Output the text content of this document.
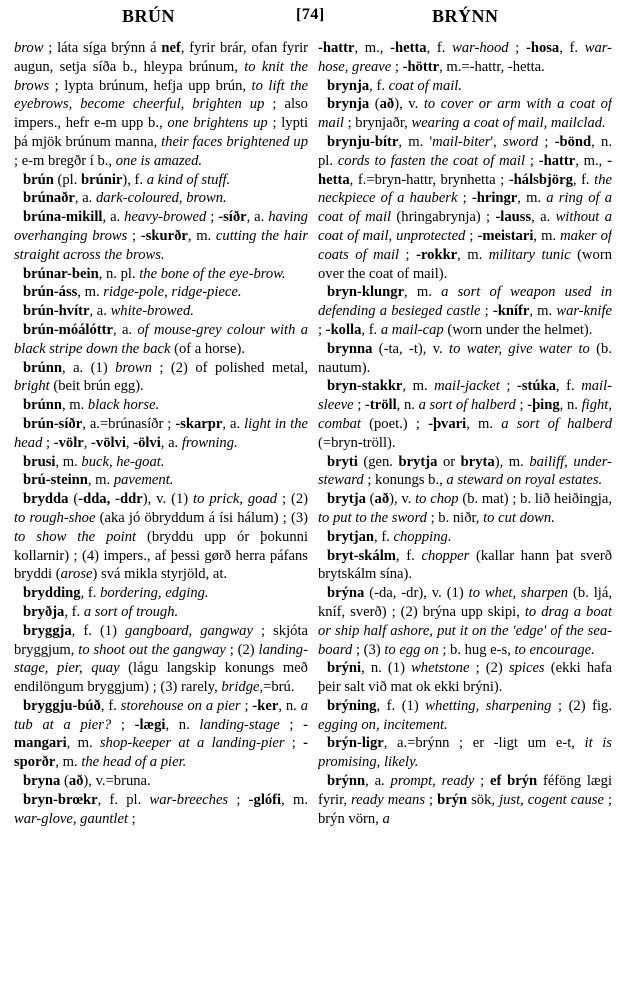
BRÚN	[74]	BRÝNN

brow ; láta síga brýnn á nef, fyrir brár, ofan fyrir augun, setja síða b., hleypa brúnum, to knit the brows ; lypta brúnum, hefja upp brún, to lift the eyebrows, become cheerful, brighten up ; also impers., hefr e-m upp b., one brightens up ; lypti þá mjök brúnum manna, their faces brightened up ; e-m bregðr í b., one is amazed.

brún (pl. brúnir), f. a kind of stuff.

brúnaðr, a. dark-coloured, brown.

brúna-mikill, a. heavy-browed ; -síðr, a. having overhanging brows ; -skurðr, m. cutting the hair straight across the brows.

brúnar-bein, n. pl. the bone of the eye-brow.

brún-áss, m. ridge-pole, ridge-piece.

brún-hvítr, a. white-browed.

brún-móálóttr, a. of mouse-grey colour with a black stripe down the back (of a horse).

brúnn, a. (1) brown ; (2) of polished metal, bright (beit brún egg).

brúnn, m. black horse.

brún-síðr, a.=brúnasíðr ; -skarpr, a. light in the head ; -völr, -völvi, -ölvi, a. frowning.

brusi, m. buck, he-goat.

brú-steinn, m. pavement.

brydda (-dda, -ddr), v. (1) to prick, goad ; (2) to rough-shoe (aka jó öbryddum á ísi hálum) ; (3) to show the point (bryddu upp ór þokunni kollarnir) ; (4) impers., af þessi gørð herra páfans bryddi (arose) svá mikla styrjöld, at.

brydding, f. bordering, edging.

bryðja, f. a sort of trough.

bryggja, f. (1) gangboard, gangway ; skjóta bryggjum, to shoot out the gangway ; (2) landing-stage, pier, quay (lágu langskip konungs með endilöngum bryggjum) ; (3) rarely, bridge,=brú.

bryggju-búð, f. storehouse on a pier ; -ker, n. a tub at a pier? ; -lægi, n. landing-stage ; -mangari, m. shop-keeper at a landing-pier ; -sporðr, m. the head of a pier.

bryna (að), v.=bruna.

bryn-brœkr, f. pl. war-breeches ; -glófi, m. war-glove, gauntlet ;

-hattr, m., -hetta, f. war-hood ; -hosa, f. war-hose, greave ; -höttr, m.=-hattr, -hetta.

brynja, f. coat of mail.

brynja (að), v. to cover or arm with a coat of mail ; brynjaðr, wearing a coat of mail, mailclad.

brynju-bítr, m. 'mail-biter', sword ; -bönd, n. pl. cords to fasten the coat of mail ; -hattr, m., -hetta, f.=bryn-hattr, brynhetta ; -hálsbjörg, f. the neckpiece of a hauberk ; -hringr, m. a ring of a coat of mail (hringabrynja) ; -lauss, a. without a coat of mail, unprotected ; -meistari, m. maker of coats of mail ; -rokkr, m. military tunic (worn over the coat of mail).

bryn-klungr, m. a sort of weapon used in defending a besieged castle ; -knífr, m. war-knife ; -kolla, f. a mail-cap (worn under the helmet).

brynna (-ta, -t), v. to water, give water to (b. nautum).

bryn-stakkr, m. mail-jacket ; -stúka, f. mail-sleeve ; -tröll, n. a sort of halberd ; -þing, n. fight, combat (poet.) ; -þvari, m. a sort of halberd (=bryn-tröll).

bryti (gen. brytja or bryta), m. bailiff, under-steward ; konungs b., a steward on royal estates.

brytja (að), v. to chop (b. mat) ; b. lið heiðingja, to put to the sword ; b. niðr, to cut down.

brytjan, f. chopping.

bryt-skálm, f. chopper (kallar hann þat sverð brytskálm sína).

brýna (-da, -dr), v. (1) to whet, sharpen (b. ljá, kníf, sverð) ; (2) brýna upp skipi, to drag a boat or ship half ashore, put it on the 'edge' of the sea-board ; (3) to egg on ; b. hug e-s, to encourage.

brýni, n. (1) whetstone ; (2) spices (ekki hafa þeir salt við mat ok ekki brýni).

brýning, f. (1) whetting, sharpening ; (2) fig. egging on, incitement.

brýn-ligr, a.=brýnn ; er -ligt um e-t, it is promising, likely.

brýnn, a. prompt, ready ; ef brýn féföng lægi fyrir, ready means ; brýn sök, just, cogent cause ; brýn vörn, a
